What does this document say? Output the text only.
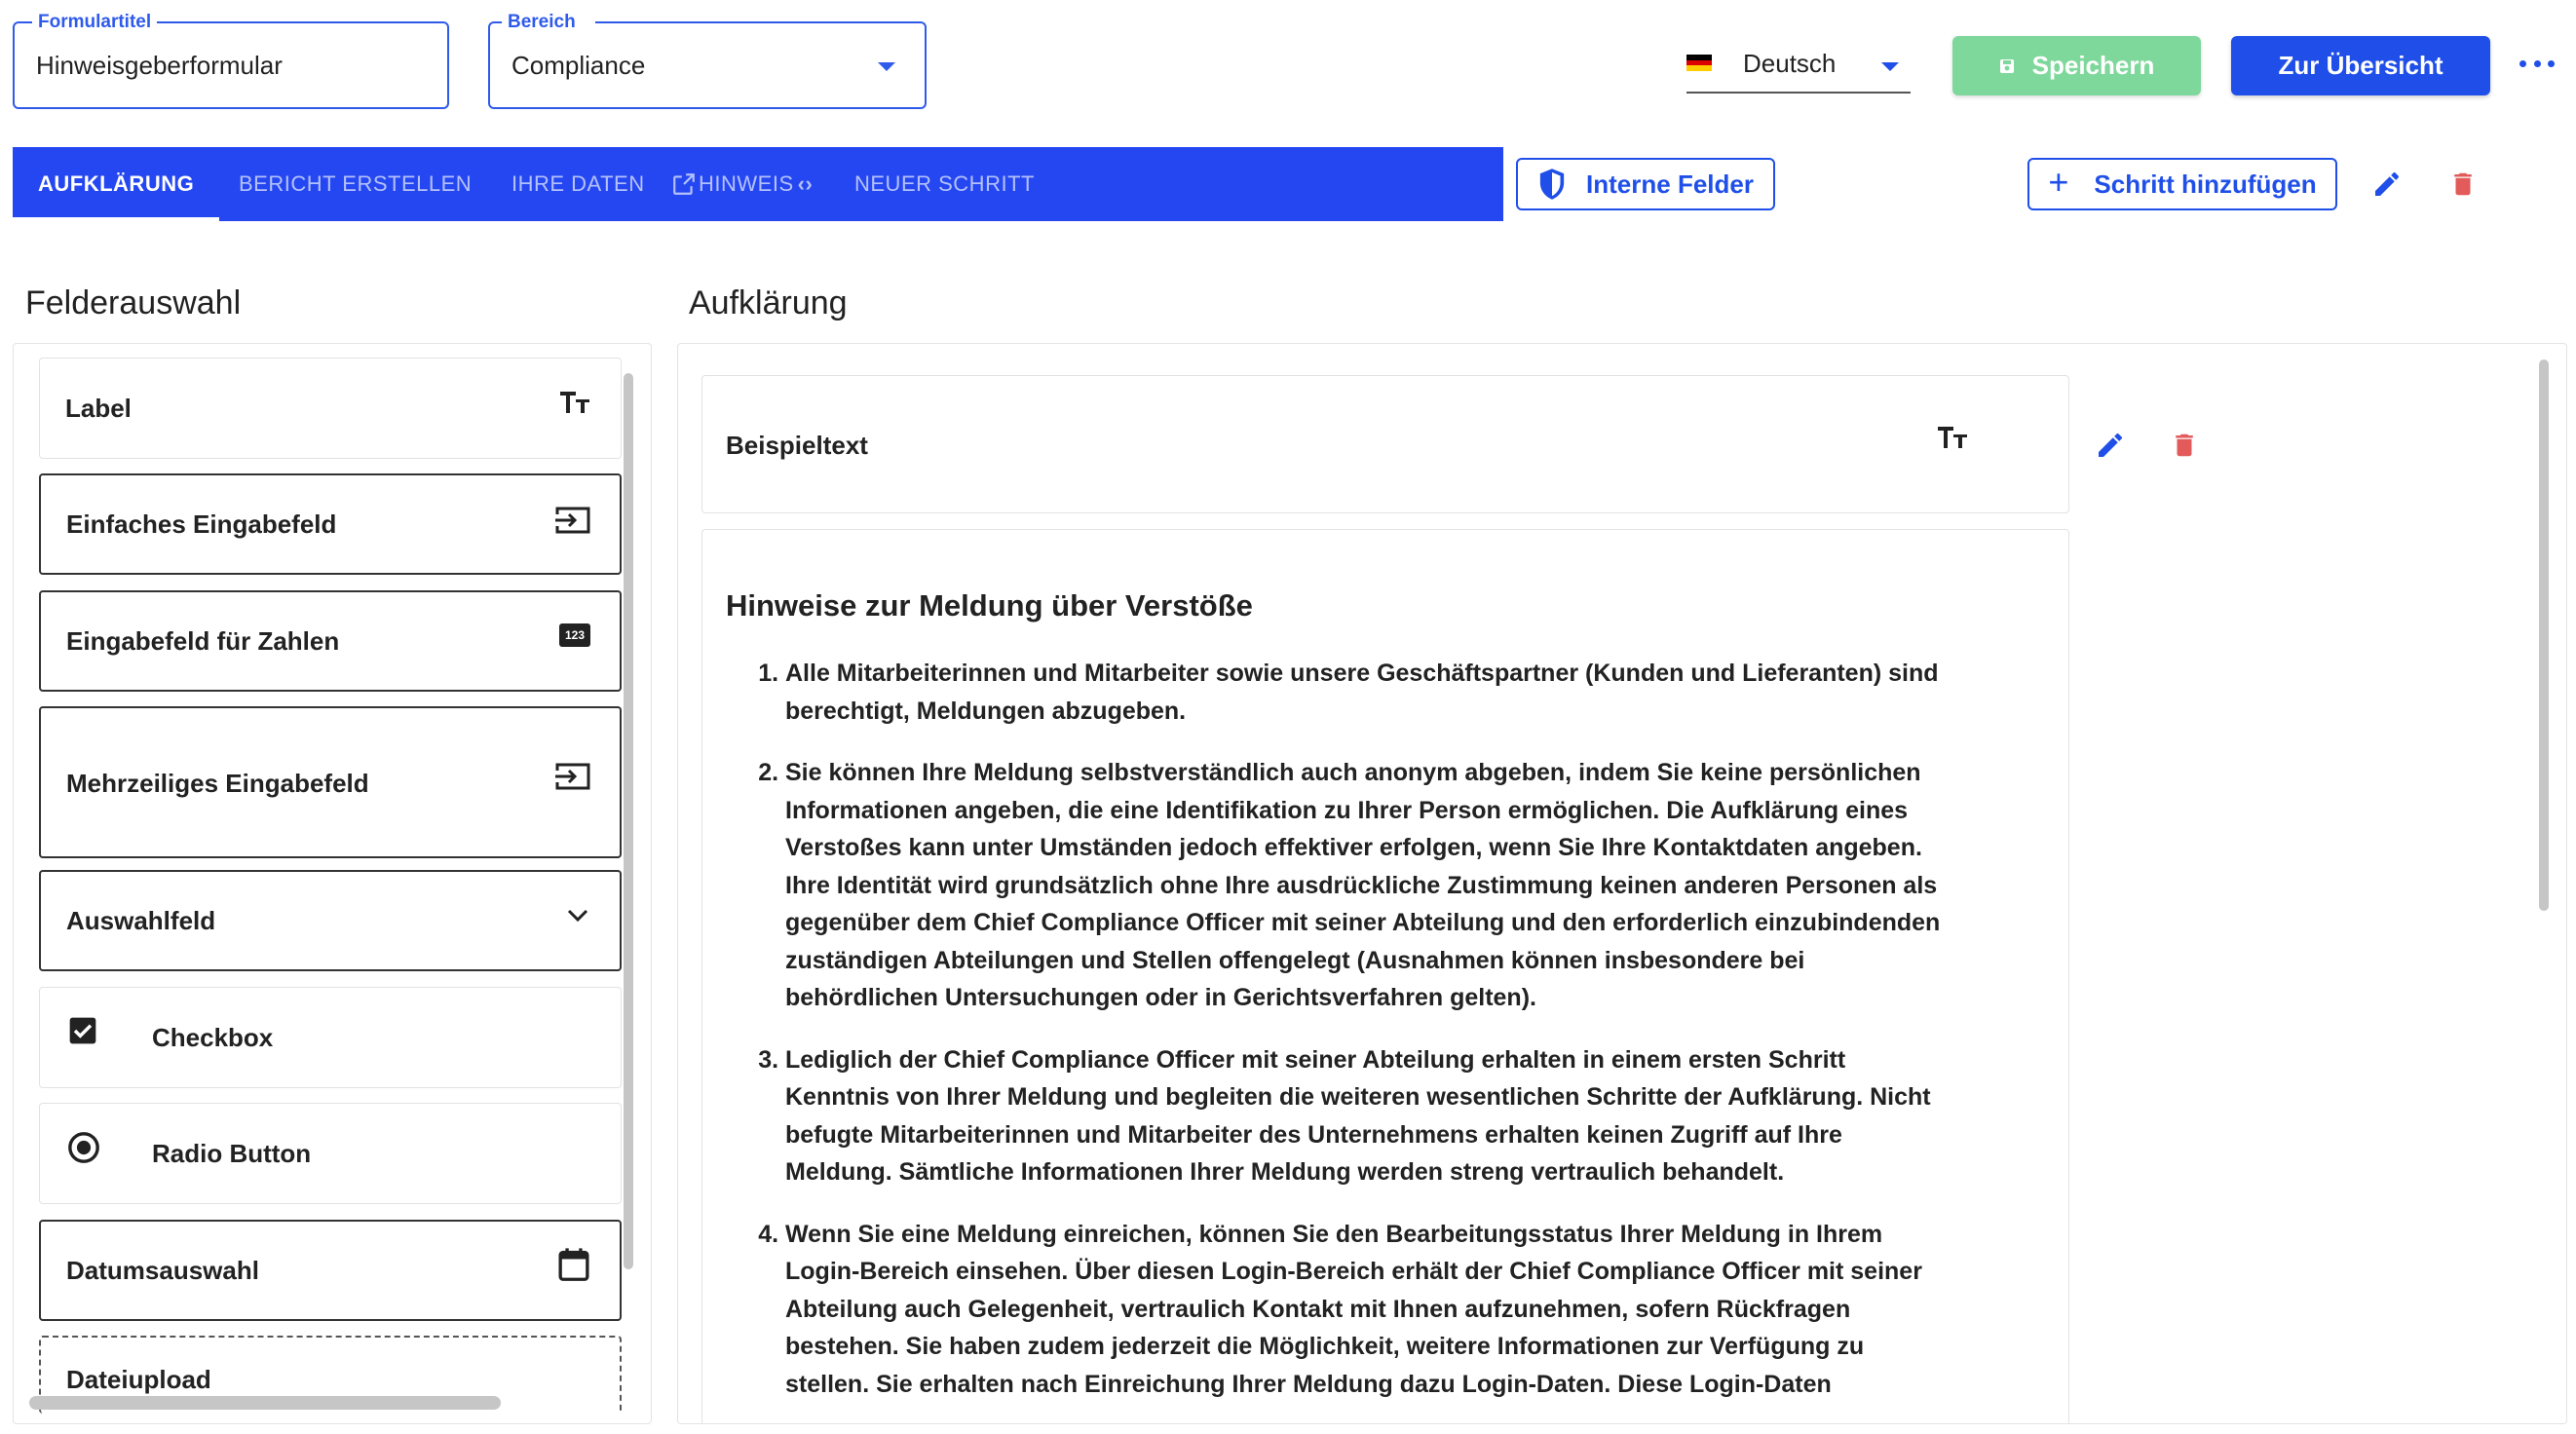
Formulartitel
Hinweisgeberformular
Bereich
Compliance	Deutsch	Speichern	Zur Übersicht
AUFKLÄRUNG BERICHT ERSTELLEN IHRE DATEN	HINWEIS ‹› NEUER SCHRITT	Interne Felder	+ Schritt hinzufügen
Felderauswahl	Aufklärung
Label
Einfaches Eingabefeld
Eingabefeld für Zahlen	123
Mehrzeiliges Eingabefeld
Auswahlfeld
Checkbox
Radio Button
Datumsauswahl
Dateiupload
Beispieltext
Hinweise zur Meldung über Verstöße
1. Alle Mitarbeiterinnen und Mitarbeiter sowie unsere Geschäftspartner (Kunden und Lieferanten) sind berechtigt, Meldungen abzugeben.
2. Sie können Ihre Meldung selbstverständlich auch anonym abgeben, indem Sie keine persönlichen Informationen angeben, die eine Identifikation zu Ihrer Person ermöglichen. Die Aufklärung eines Verstoßes kann unter Umständen jedoch effektiver erfolgen, wenn Sie Ihre Kontaktdaten angeben. Ihre Identität wird grundsätzlich ohne Ihre ausdrückliche Zustimmung keinen anderen Personen als gegenüber dem Chief Compliance Officer mit seiner Abteilung und den erforderlich einzubindenden zuständigen Abteilungen und Stellen offengelegt (Ausnahmen können insbesondere bei behördlichen Untersuchungen oder in Gerichtsverfahren gelten).
3. Lediglich der Chief Compliance Officer mit seiner Abteilung erhalten in einem ersten Schritt Kenntnis von Ihrer Meldung und begleiten die weiteren wesentlichen Schritte der Aufklärung. Nicht befugte Mitarbeiterinnen und Mitarbeiter des Unternehmens erhalten keinen Zugriff auf Ihre Meldung. Sämtliche Informationen Ihrer Meldung werden streng vertraulich behandelt.
4. Wenn Sie eine Meldung einreichen, können Sie den Bearbeitungsstatus Ihrer Meldung in Ihrem Login-Bereich einsehen. Über diesen Login-Bereich erhält der Chief Compliance Officer mit seiner Abteilung auch Gelegenheit, vertraulich Kontakt mit Ihnen aufzunehmen, sofern Rückfragen bestehen. Sie haben zudem jederzeit die Möglichkeit, weitere Informationen zur Verfügung zu stellen. Sie erhalten nach Einreichung Ihrer Meldung dazu Login-Daten. Diese Login-Daten
